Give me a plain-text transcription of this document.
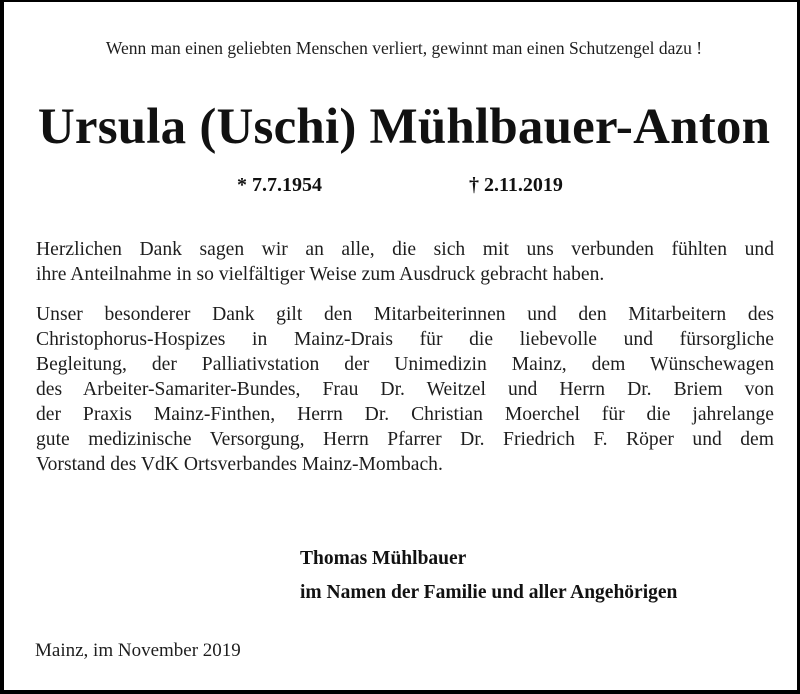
Wenn man einen geliebten Menschen verliert, gewinnt man einen Schutzengel dazu !
Ursula (Uschi) Mühlbauer-Anton
* 7.7.1954	† 2.11.2019
Herzlichen Dank sagen wir an alle, die sich mit uns verbunden fühlten und
ihre Anteilnahme in so vielfältiger Weise zum Ausdruck gebracht haben.
Unser besonderer Dank gilt den Mitarbeiterinnen und den Mitarbeitern des
Christophorus-Hospizes in Mainz-Drais für die liebevolle und fürsorgliche
Begleitung, der Palliativstation der Unimedizin Mainz, dem Wünschewagen
des Arbeiter-Samariter-Bundes, Frau Dr. Weitzel und Herrn Dr. Briem von
der Praxis Mainz-Finthen, Herrn Dr. Christian Moerchel für die jahrelange
gute medizinische Versorgung, Herrn Pfarrer Dr. Friedrich F. Röper und dem
Vorstand des VdK Ortsverbandes Mainz-Mombach.
Thomas Mühlbauer
im Namen der Familie und aller Angehörigen
Mainz, im November 2019
